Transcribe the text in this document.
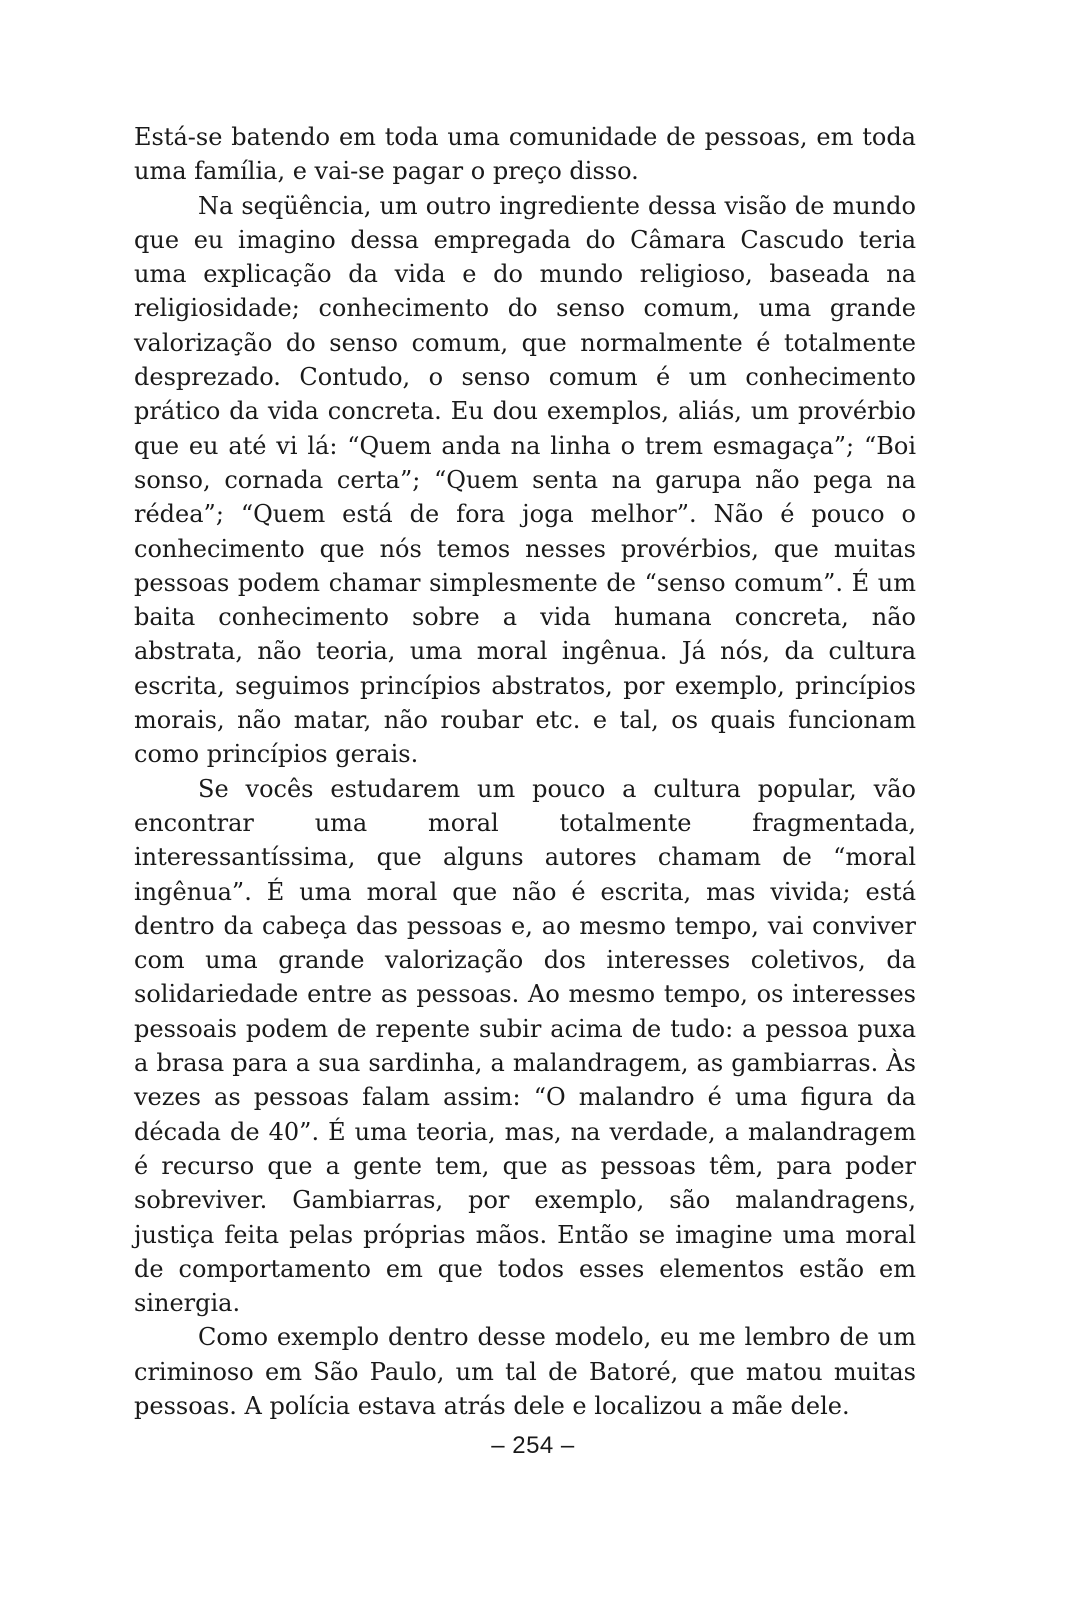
Está-se batendo em toda uma comunidade de pessoas, em toda uma família, e vai-se pagar o preço disso.

Na seqüência, um outro ingrediente dessa visão de mundo que eu imagino dessa empregada do Câmara Cascudo teria uma explicação da vida e do mundo religioso, baseada na religiosidade; conhecimento do senso comum, uma grande valorização do senso comum, que normalmente é totalmente desprezado. Contudo, o senso comum é um conhecimento prático da vida concreta. Eu dou exemplos, aliás, um provérbio que eu até vi lá: “Quem anda na linha o trem esmagaça”; “Boi sonso, cornada certa”; “Quem senta na garupa não pega na rédea”; “Quem está de fora joga melhor”. Não é pouco o conhecimento que nós temos nesses provérbios, que muitas pessoas podem chamar simplesmente de “senso comum”. É um baita conhecimento sobre a vida humana concreta, não abstrata, não teoria, uma moral ingênua. Já nós, da cultura escrita, seguimos princípios abstratos, por exemplo, princípios morais, não matar, não roubar etc. e tal, os quais funcionam como princípios gerais.

Se vocês estudarem um pouco a cultura popular, vão encontrar uma moral totalmente fragmentada, interessantíssima, que alguns autores chamam de “moral ingênua”. É uma moral que não é escrita, mas vivida; está dentro da cabeça das pessoas e, ao mesmo tempo, vai conviver com uma grande valorização dos interesses coletivos, da solidariedade entre as pessoas. Ao mesmo tempo, os interesses pessoais podem de repente subir acima de tudo: a pessoa puxa a brasa para a sua sardinha, a malandragem, as gambiarras. Às vezes as pessoas falam assim: “O malandro é uma figura da década de 40”. É uma teoria, mas, na verdade, a malandragem é recurso que a gente tem, que as pessoas têm, para poder sobreviver. Gambiarras, por exemplo, são malandragens, justiça feita pelas próprias mãos. Então se imagine uma moral de comportamento em que todos esses elementos estão em sinergia.

Como exemplo dentro desse modelo, eu me lembro de um criminoso em São Paulo, um tal de Batoré, que matou muitas pessoas. A polícia estava atrás dele e localizou a mãe dele.

– 254 –
